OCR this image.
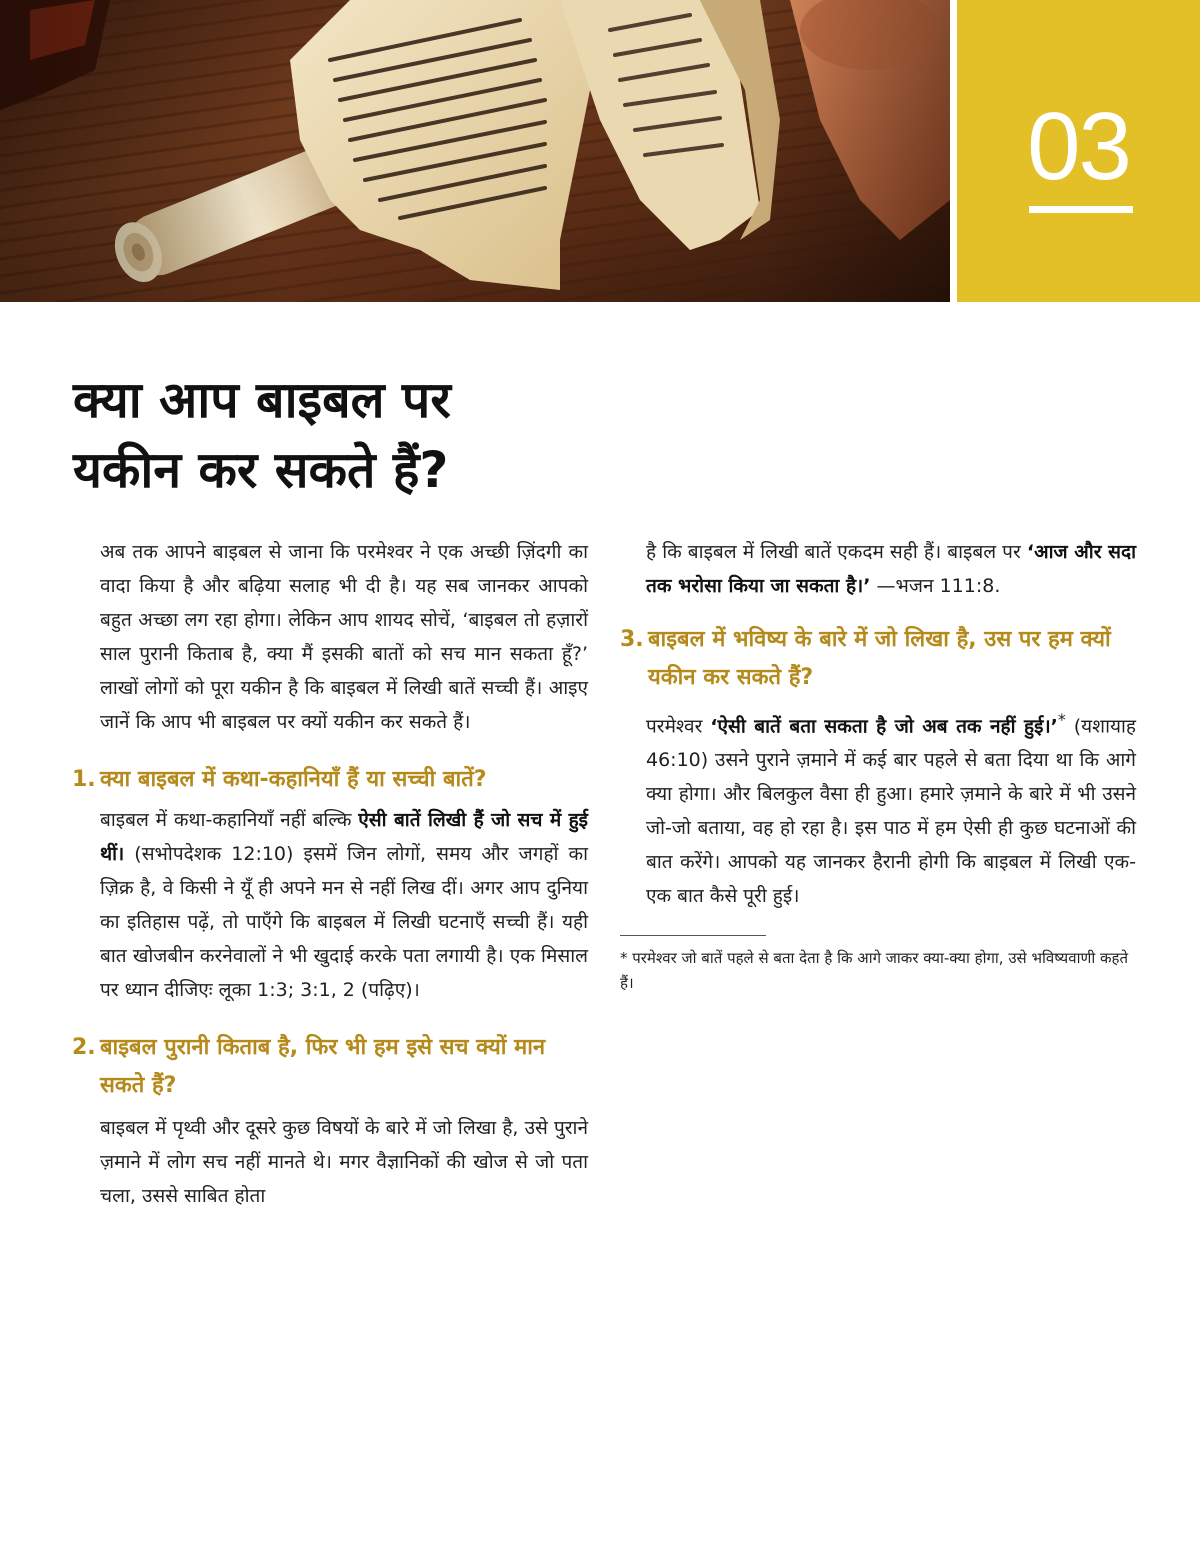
03
क्या आप बाइबल पर
यकीन कर सकते हैं?

अब तक आपने बाइबल से जाना कि परमेश्वर ने एक अच्छी ज़िंदगी का वादा किया है और बढ़िया सलाह भी दी है। यह सब जानकर आपको बहुत अच्छा लग रहा होगा। लेकिन आप शायद सोचें, ‘बाइबल तो हज़ारों साल पुरानी किताब है, क्या मैं इसकी बातों को सच मान सकता हूँ?’ लाखों लोगों को पूरा यकीन है कि बाइबल में लिखी बातें सच्ची हैं। आइए जानें कि आप भी बाइबल पर क्यों यकीन कर सकते हैं।

1. क्या बाइबल में कथा-कहानियाँ हैं या सच्ची बातें?

बाइबल में कथा-कहानियाँ नहीं बल्कि ऐसी बातें लिखी हैं जो सच में हुई थीं। (सभोपदेशक 12:10) इसमें जिन लोगों, समय और जगहों का ज़िक्र है, वे किसी ने यूँ ही अपने मन से नहीं लिख दीं। अगर आप दुनिया का इतिहास पढ़ें, तो पाएँगे कि बाइबल में लिखी घटनाएँ सच्ची हैं। यही बात खोजबीन करनेवालों ने भी खुदाई करके पता लगायी है। एक मिसाल पर ध्यान दीजिएः लूका 1:3; 3:1, 2 (पढ़िए)।

2. बाइबल पुरानी किताब है, फिर भी हम इसे सच क्यों मान सकते हैं?

बाइबल में पृथ्वी और दूसरे कुछ विषयों के बारे में जो लिखा है, उसे पुराने ज़माने में लोग सच नहीं मानते थे। मगर वैज्ञानिकों की खोज से जो पता चला, उससे साबित होता

है कि बाइबल में लिखी बातें एकदम सही हैं। बाइबल पर ‘आज और सदा तक भरोसा किया जा सकता है।’ —भजन 111:8.

3. बाइबल में भविष्य के बारे में जो लिखा है, उस पर हम क्यों यकीन कर सकते हैं?

परमेश्वर ‘ऐसी बातें बता सकता है जो अब तक नहीं हुई।’* (यशायाह 46:10) उसने पुराने ज़माने में कई बार पहले से बता दिया था कि आगे क्या होगा। और बिलकुल वैसा ही हुआ। हमारे ज़माने के बारे में भी उसने जो-जो बताया, वह हो रहा है। इस पाठ में हम ऐसी ही कुछ घटनाओं की बात करेंगे। आपको यह जानकर हैरानी होगी कि बाइबल में लिखी एक-एक बात कैसे पूरी हुई।

* परमेश्वर जो बातें पहले से बता देता है कि आगे जाकर क्या-क्या होगा, उसे भविष्यवाणी कहते हैं।
